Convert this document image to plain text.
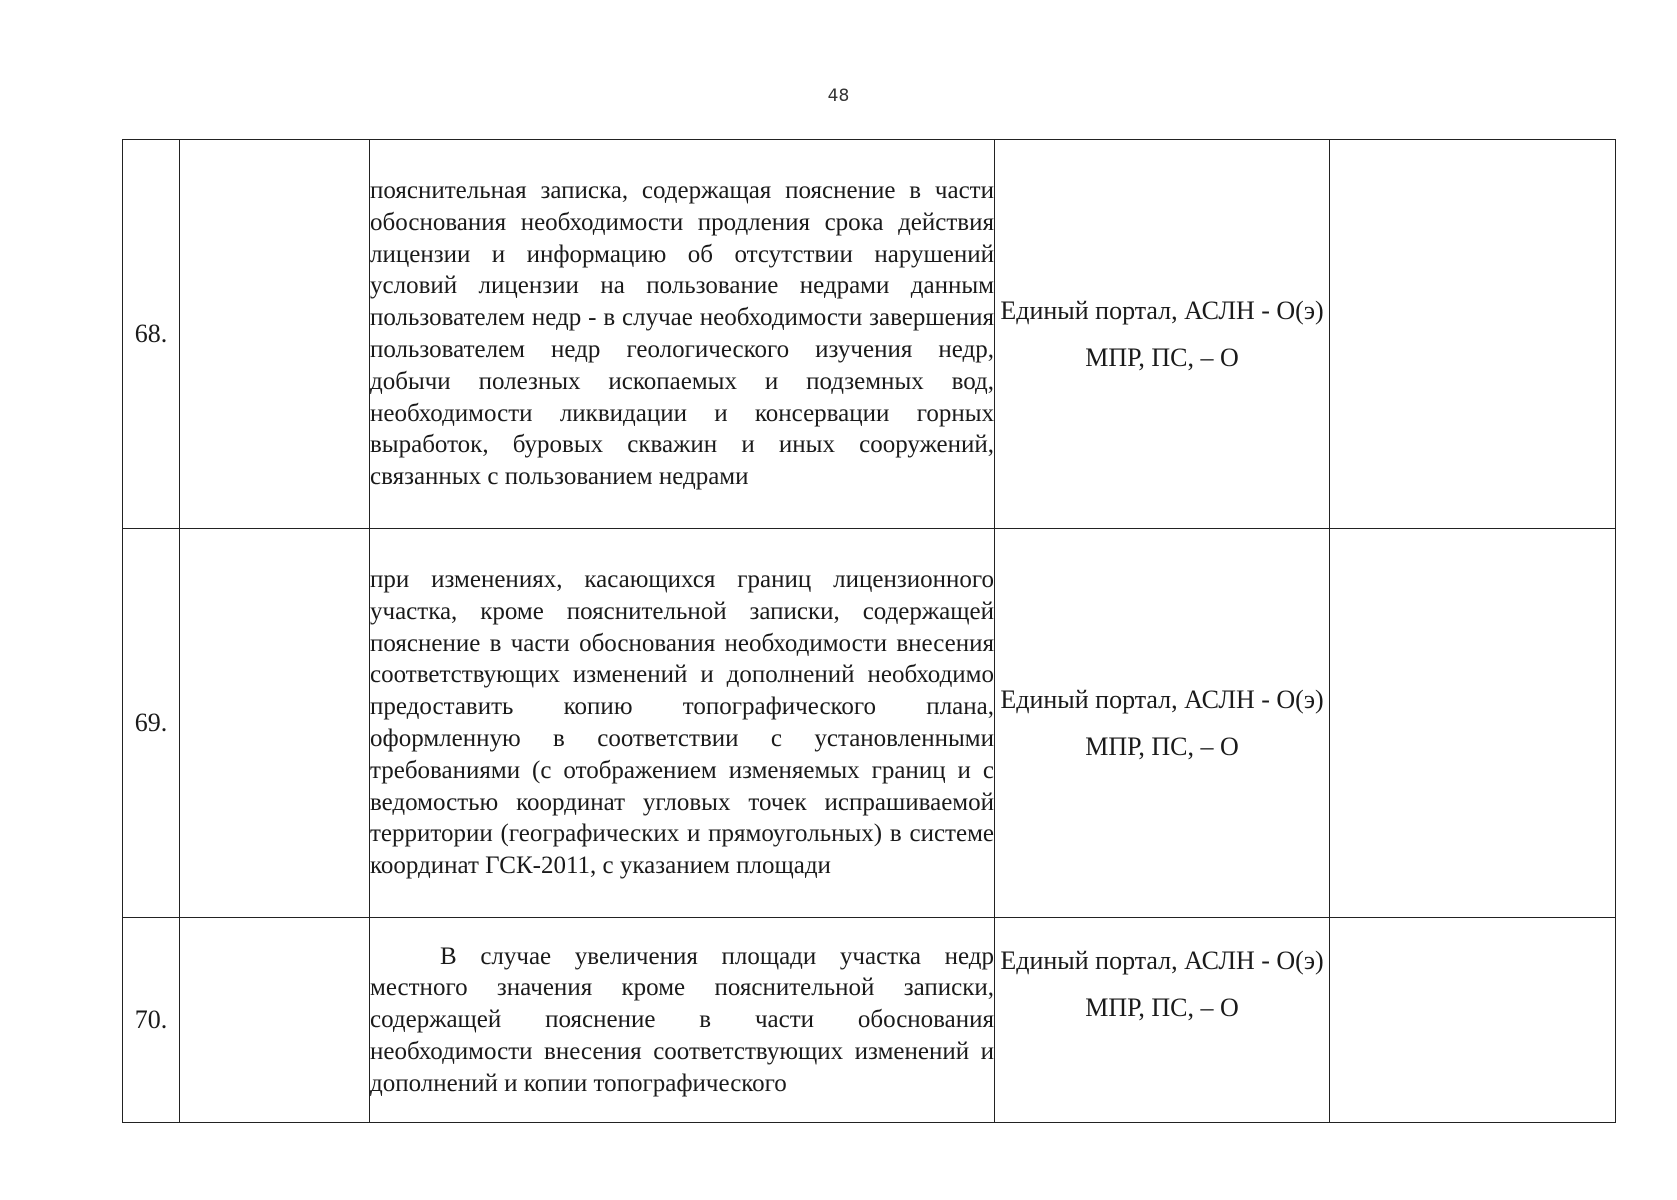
48
68.		пояснительная записка, содержащая пояснение в части обоснования необходимости продления срока действия лицензии и информацию об отсутствии нарушений условий лицензии на пользование недрами данным пользователем недр - в случае необходимости завершения пользователем недр геологического изучения недр, добычи полезных ископаемых и подземных вод, необходимости ликвидации и консервации горных выработок, буровых скважин и иных сооружений, связанных с пользованием недрами	Единый портал, АСЛН - О(э)
МПР, ПС, – О	

69.		при изменениях, касающихся границ лицензионного участка, кроме пояснительной записки, содержащей пояснение в части обоснования необходимости внесения соответствующих изменений и дополнений необходимо предоставить копию топографического плана, оформленную в соответствии с установленными требованиями (с отображением изменяемых границ и с ведомостью координат угловых точек испрашиваемой территории (географических и прямоугольных) в системе координат ГСК-2011, с указанием площади	Единый портал, АСЛН - О(э)
МПР, ПС, – О	

70.		В случае увеличения площади участка недр местного значения кроме пояснительной записки, содержащей пояснение в части обоснования необходимости внесения соответствующих изменений и дополнений и копии топографического	Единый портал, АСЛН - О(э)
МПР, ПС, – О	
